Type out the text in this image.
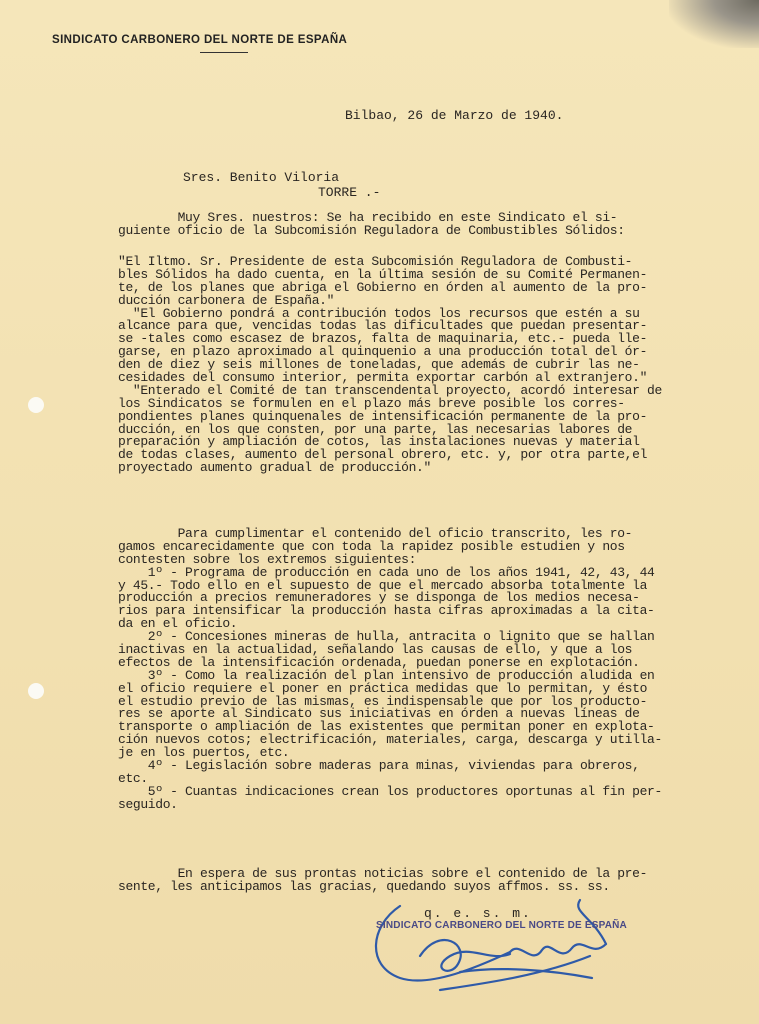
SINDICATO CARBONERO DEL NORTE DE ESPAÑA
Bilbao, 26 de Marzo de 1940.
Sres. Benito Viloria
TORRE .-
Muy Sres. nuestros: Se ha recibido en este Sindicato el si-
guiente oficio de la Subcomisión Reguladora de Combustibles Sólidos:
"El Iltmo. Sr. Presidente de esta Subcomisión Reguladora de Combusti-
bles Sólidos ha dado cuenta, en la última sesión de su Comité Permanen-
te, de los planes que abriga el Gobierno en órden al aumento de la pro-
ducción carbonera de España."
"El Gobierno pondrá a contribución todos los recursos que estén a su
alcance para que, vencidas todas las dificultades que puedan presentar-
se -tales como escasez de brazos, falta de maquinaria, etc.- pueda lle-
garse, en plazo aproximado al quinquenio a una producción total del ór-
den de diez y seis millones de toneladas, que además de cubrir las ne-
cesidades del consumo interior, permita exportar carbón al extranjero."
"Enterado el Comité de tan transcendental proyecto, acordó interesar de
los Sindicatos se formulen en el plazo más breve posible los corres-
pondientes planes quinquenales de intensificación permanente de la pro-
ducción, en los que consten, por una parte, las necesarias labores de
preparación y ampliación de cotos, las instalaciones nuevas y material
de todas clases, aumento del personal obrero, etc. y, por otra parte,el
proyectado aumento gradual de producción."
Para cumplimentar el contenido del oficio transcrito, les ro-
gamos encarecidamente que con toda la rapidez posible estudien y nos
contesten sobre los extremos siguientes:
1º - Programa de producción en cada uno de los años 1941, 42, 43, 44
y 45.- Todo ello en el supuesto de que el mercado absorba totalmente la
producción a precios remuneradores y se disponga de los medios necesa-
rios para intensificar la producción hasta cifras aproximadas a la cita-
da en el oficio.
2º - Concesiones mineras de hulla, antracita o lignito que se hallan
inactivas en la actualidad, señalando las causas de ello, y que a los
efectos de la intensificación ordenada, puedan ponerse en explotación.
3º - Como la realización del plan intensivo de producción aludida en
el oficio requiere el poner en práctica medidas que lo permitan, y ésto
el estudio previo de las mismas, es indispensable que por los producto-
res se aporte al Sindicato sus iniciativas en órden a nuevas líneas de
transporte o ampliación de las existentes que permitan poner en explota-
ción nuevos cotos; electrificación, materiales, carga, descarga y utilla-
je en los puertos, etc.
4º - Legislación sobre maderas para minas, viviendas para obreros,
etc.
5º - Cuantas indicaciones crean los productores oportunas al fin per-
seguido.
En espera de sus prontas noticias sobre el contenido de la pre-
sente, les anticipamos las gracias, quedando suyos affmos. ss. ss.
q. e. s. m.
SINDICATO CARBONERO DEL NORTE DE ESPAÑA
